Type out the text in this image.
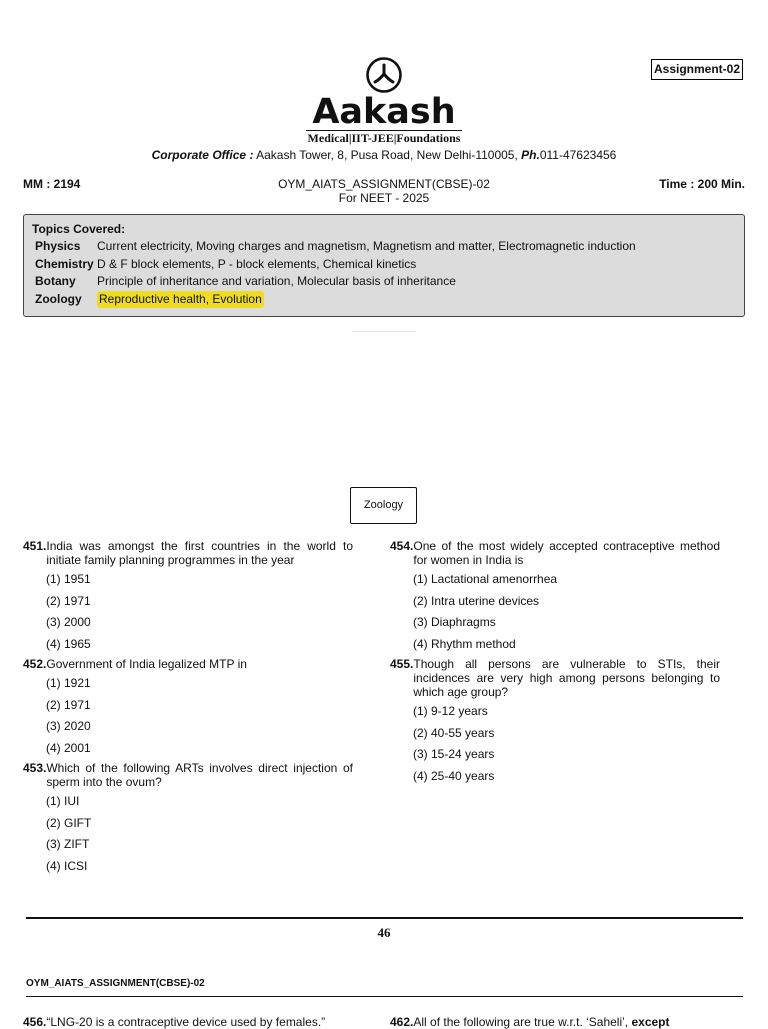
Assignment-02
Aakash
Medical|IIT-JEE|Foundations
Corporate Office : Aakash Tower, 8, Pusa Road, New Delhi-110005, Ph.011-47623456
MM : 2194	OYM_AIATS_ASSIGNMENT(CBSE)-02
For NEET - 2025
Time : 200 Min.
Topics Covered:
Physics	Current electricity, Moving charges and magnetism, Magnetism and matter, Electromagnetic induction
Chemistry D & F block elements, P - block elements, Chemical kinetics
Botany	Principle of inheritance and variation, Molecular basis of inheritance
Zoology	Reproductive health, Evolution
Zoology
451. India was amongst the first countries in the world to initiate family planning programmes in the year
(1) 1951
(2) 1971
(3) 2000
(4) 1965
452. Government of India legalized MTP in
(1) 1921
(2) 1971
(3) 2020
(4) 2001
453. Which of the following ARTs involves direct injection of sperm into the ovum?
(1) IUI
(2) GIFT
(3) ZIFT
(4) ICSI
454. One of the most widely accepted contraceptive method for women in India is
(1) Lactational amenorrhea
(2) Intra uterine devices
(3) Diaphragms
(4) Rhythm method
455. Though all persons are vulnerable to STIs, their incidences are very high among persons belonging to which age group?
(1) 9-12 years
(2) 40-55 years
(3) 15-24 years
(4) 25-40 years
46
OYM_AIATS_ASSIGNMENT(CBSE)-02
456.“LNG-20 is a contraceptive device used by females.”	462.All of the following are true w.r.t. ‘Saheli’, except
